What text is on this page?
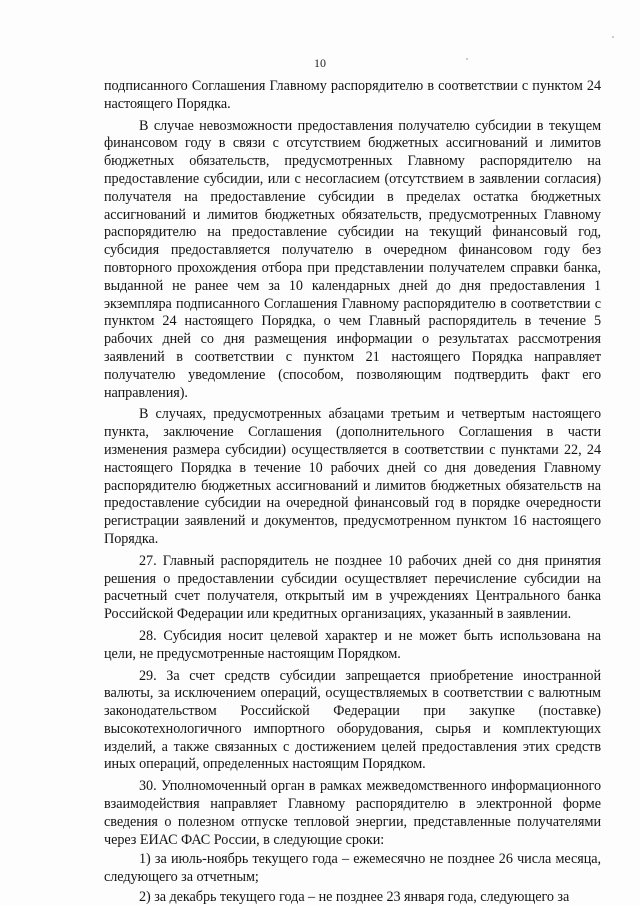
10

подписанного Соглашения Главному распорядителю в соответствии с пунктом 24 настоящего Порядка.

В случае невозможности предоставления получателю субсидии в текущем финансовом году в связи с отсутствием бюджетных ассигнований и лимитов бюджетных обязательств, предусмотренных Главному распорядителю на предоставление субсидии, или с несогласием (отсутствием в заявлении согласия) получателя на предоставление субсидии в пределах остатка бюджетных ассигнований и лимитов бюджетных обязательств, предусмотренных Главному распорядителю на предоставление субсидии на текущий финансовый год, субсидия предоставляется получателю в очередном финансовом году без повторного прохождения отбора при представлении получателем справки банка, выданной не ранее чем за 10 календарных дней до дня предоставления 1 экземпляра подписанного Соглашения Главному распорядителю в соответствии с пунктом 24 настоящего Порядка, о чем Главный распорядитель в течение 5 рабочих дней со дня размещения информации о результатах рассмотрения заявлений в соответствии с пунктом 21 настоящего Порядка направляет получателю уведомление (способом, позволяющим подтвердить факт его направления).

В случаях, предусмотренных абзацами третьим и четвертым настоящего пункта, заключение Соглашения (дополнительного Соглашения в части изменения размера субсидии) осуществляется в соответствии с пунктами 22, 24 настоящего Порядка в течение 10 рабочих дней со дня доведения Главному распорядителю бюджетных ассигнований и лимитов бюджетных обязательств на предоставление субсидии на очередной финансовый год в порядке очередности регистрации заявлений и документов, предусмотренном пунктом 16 настоящего Порядка.

27. Главный распорядитель не позднее 10 рабочих дней со дня принятия решения о предоставлении субсидии осуществляет перечисление субсидии на расчетный счет получателя, открытый им в учреждениях Центрального банка Российской Федерации или кредитных организациях, указанный в заявлении.

28. Субсидия носит целевой характер и не может быть использована на цели, не предусмотренные настоящим Порядком.

29. За счет средств субсидии запрещается приобретение иностранной валюты, за исключением операций, осуществляемых в соответствии с валютным законодательством Российской Федерации при закупке (поставке) высокотехнологичного импортного оборудования, сырья и комплектующих изделий, а также связанных с достижением целей предоставления этих средств иных операций, определенных настоящим Порядком.

30. Уполномоченный орган в рамках межведомственного информационного взаимодействия направляет Главному распорядителю в электронной форме сведения о полезном отпуске тепловой энергии, представленные получателями через ЕИАС ФАС России, в следующие сроки:

1) за июль-ноябрь текущего года – ежемесячно не позднее 26 числа месяца, следующего за отчетным;

2) за декабрь текущего года – не позднее 23 января года, следующего за
